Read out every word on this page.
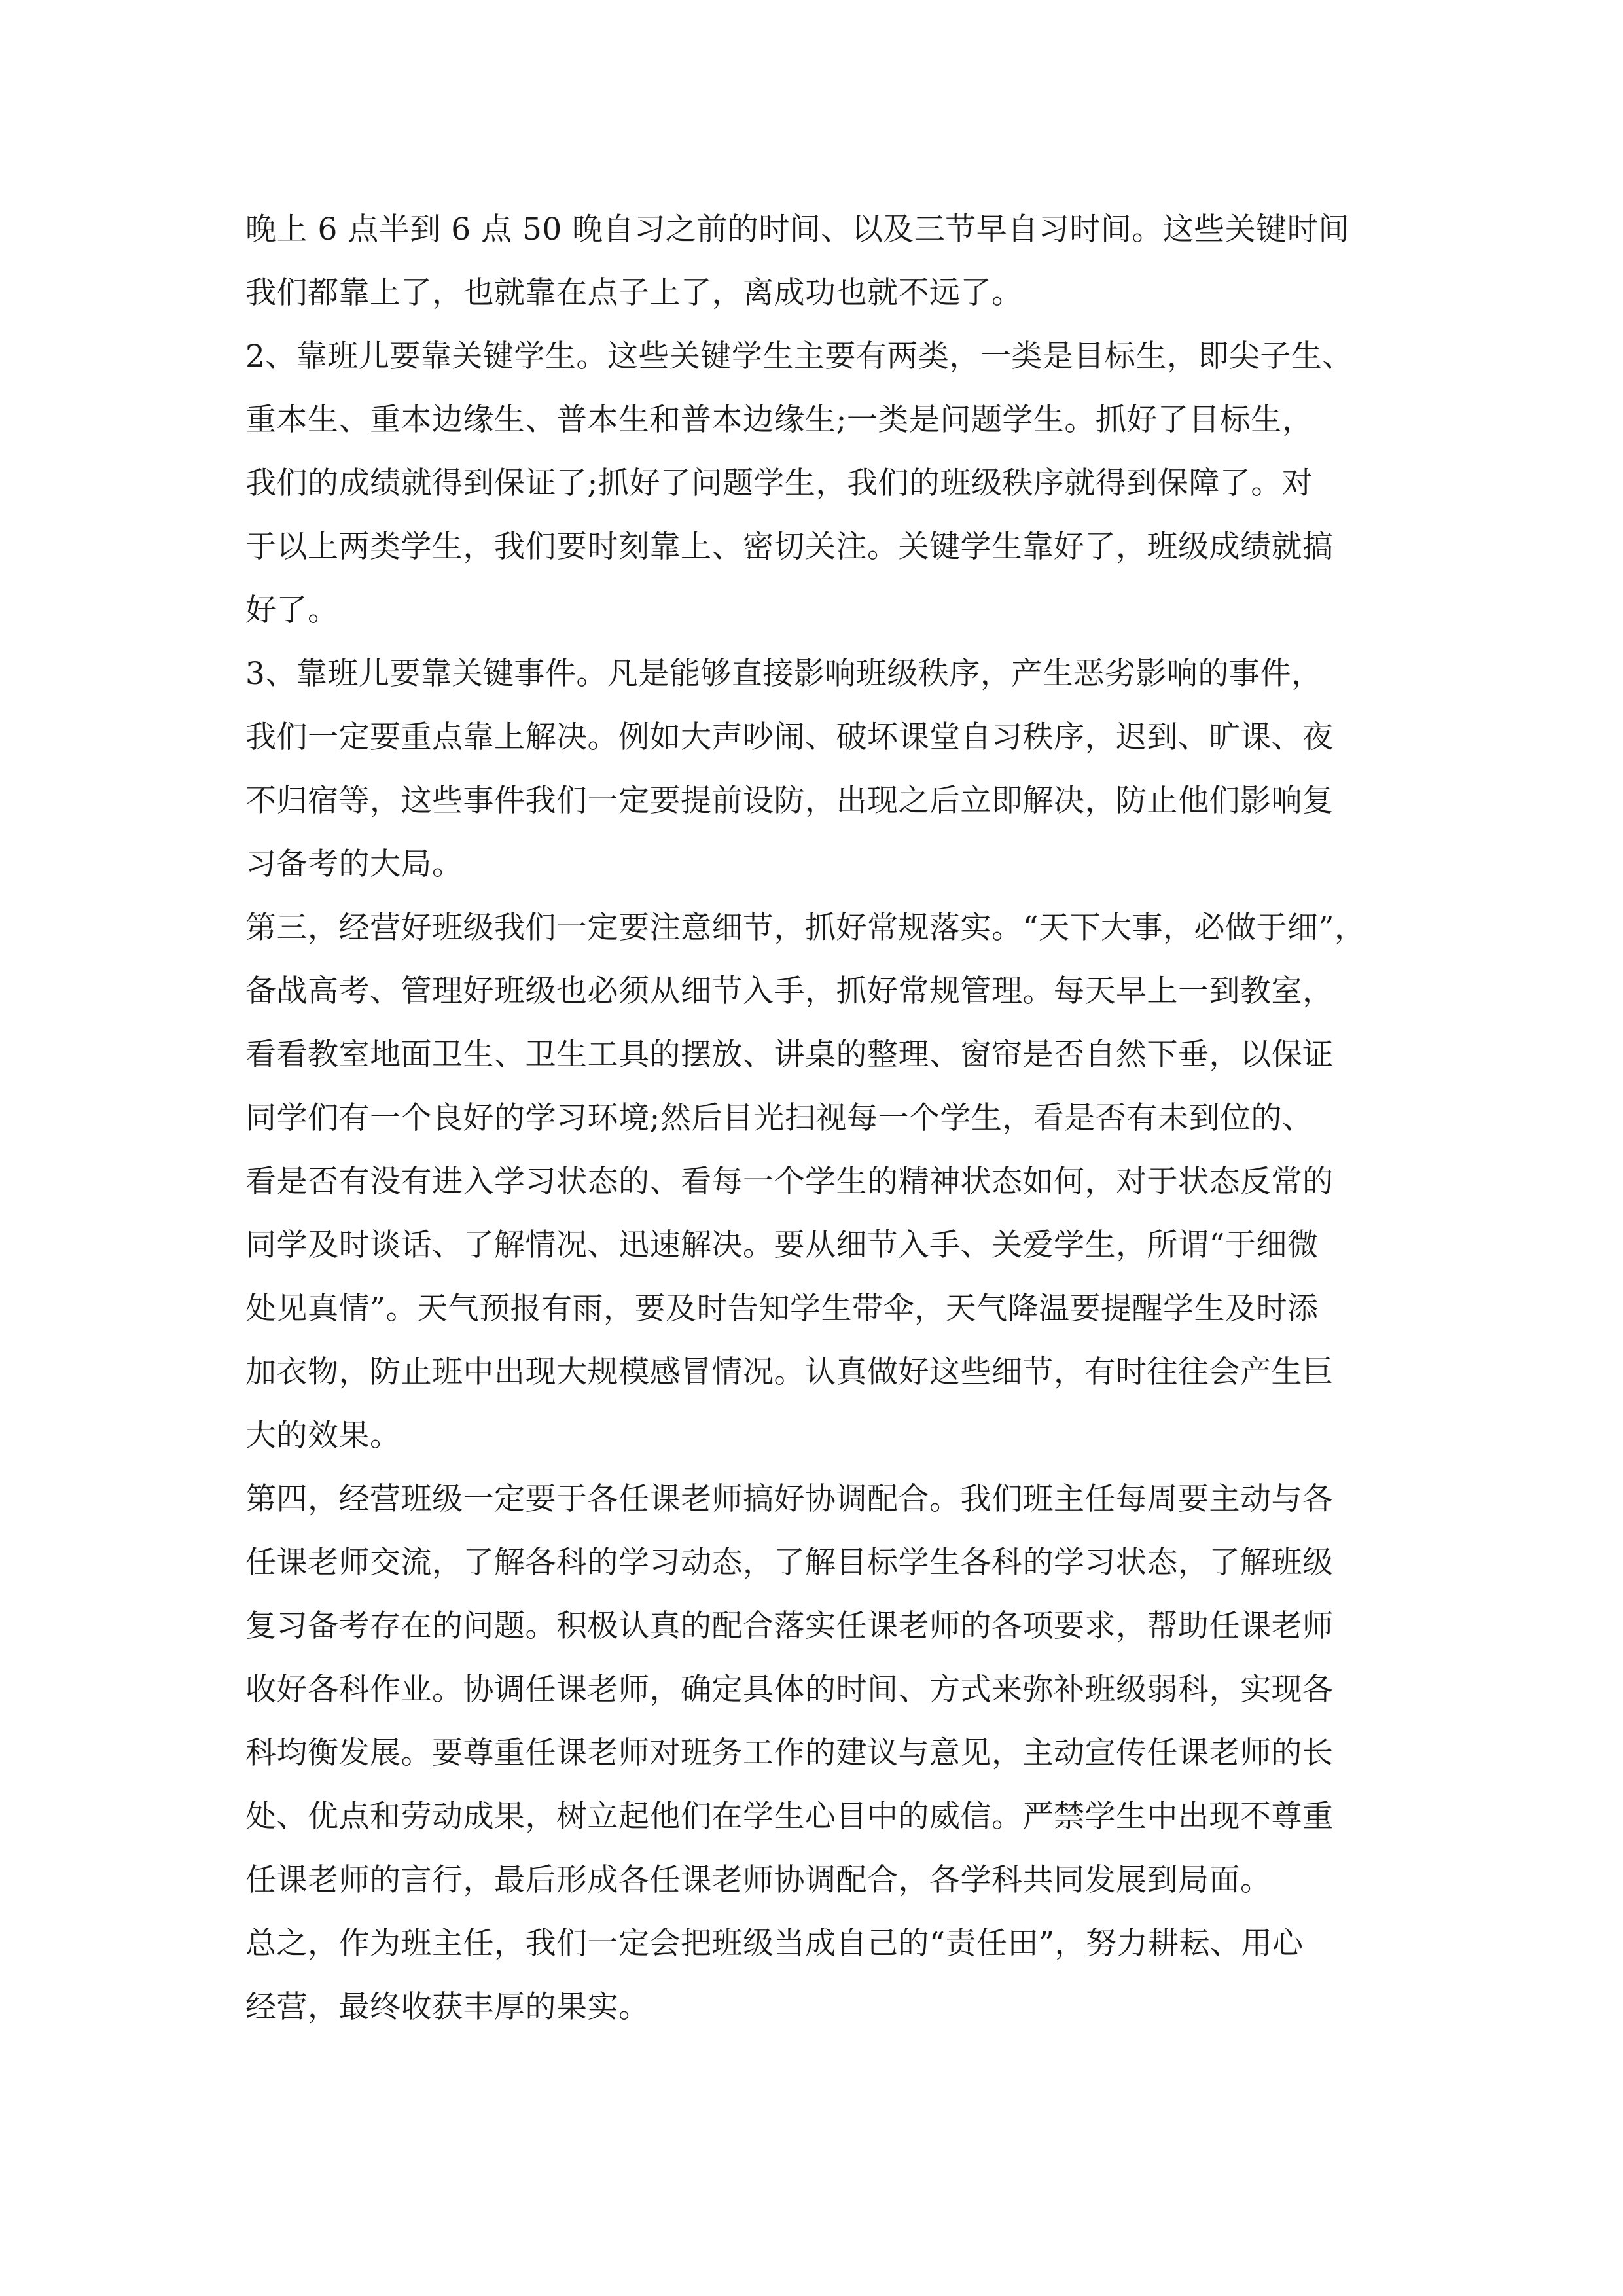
晚上 6 点半到 6 点 50 晚自习之前的时间、以及三节早自习时间。这些关键时间
我们都靠上了，也就靠在点子上了，离成功也就不远了。
2、靠班儿要靠关键学生。这些关键学生主要有两类，一类是目标生，即尖子生、
重本生、重本边缘生、普本生和普本边缘生;一类是问题学生。抓好了目标生，
我们的成绩就得到保证了;抓好了问题学生，我们的班级秩序就得到保障了。对
于以上两类学生，我们要时刻靠上、密切关注。关键学生靠好了，班级成绩就搞
好了。
3、靠班儿要靠关键事件。凡是能够直接影响班级秩序，产生恶劣影响的事件，
我们一定要重点靠上解决。例如大声吵闹、破坏课堂自习秩序，迟到、旷课、夜
不归宿等，这些事件我们一定要提前设防，出现之后立即解决，防止他们影响复
习备考的大局。
第三，经营好班级我们一定要注意细节，抓好常规落实。“天下大事，必做于细”，
备战高考、管理好班级也必须从细节入手，抓好常规管理。每天早上一到教室，
看看教室地面卫生、卫生工具的摆放、讲桌的整理、窗帘是否自然下垂，以保证
同学们有一个良好的学习环境;然后目光扫视每一个学生，看是否有未到位的、
看是否有没有进入学习状态的、看每一个学生的精神状态如何，对于状态反常的
同学及时谈话、了解情况、迅速解决。要从细节入手、关爱学生，所谓“于细微
处见真情”。天气预报有雨，要及时告知学生带伞，天气降温要提醒学生及时添
加衣物，防止班中出现大规模感冒情况。认真做好这些细节，有时往往会产生巨
大的效果。
第四，经营班级一定要于各任课老师搞好协调配合。我们班主任每周要主动与各
任课老师交流，了解各科的学习动态，了解目标学生各科的学习状态，了解班级
复习备考存在的问题。积极认真的配合落实任课老师的各项要求，帮助任课老师
收好各科作业。协调任课老师，确定具体的时间、方式来弥补班级弱科，实现各
科均衡发展。要尊重任课老师对班务工作的建议与意见，主动宣传任课老师的长
处、优点和劳动成果，树立起他们在学生心目中的威信。严禁学生中出现不尊重
任课老师的言行，最后形成各任课老师协调配合，各学科共同发展到局面。
总之，作为班主任，我们一定会把班级当成自己的“责任田”，努力耕耘、用心
经营，最终收获丰厚的果实。
